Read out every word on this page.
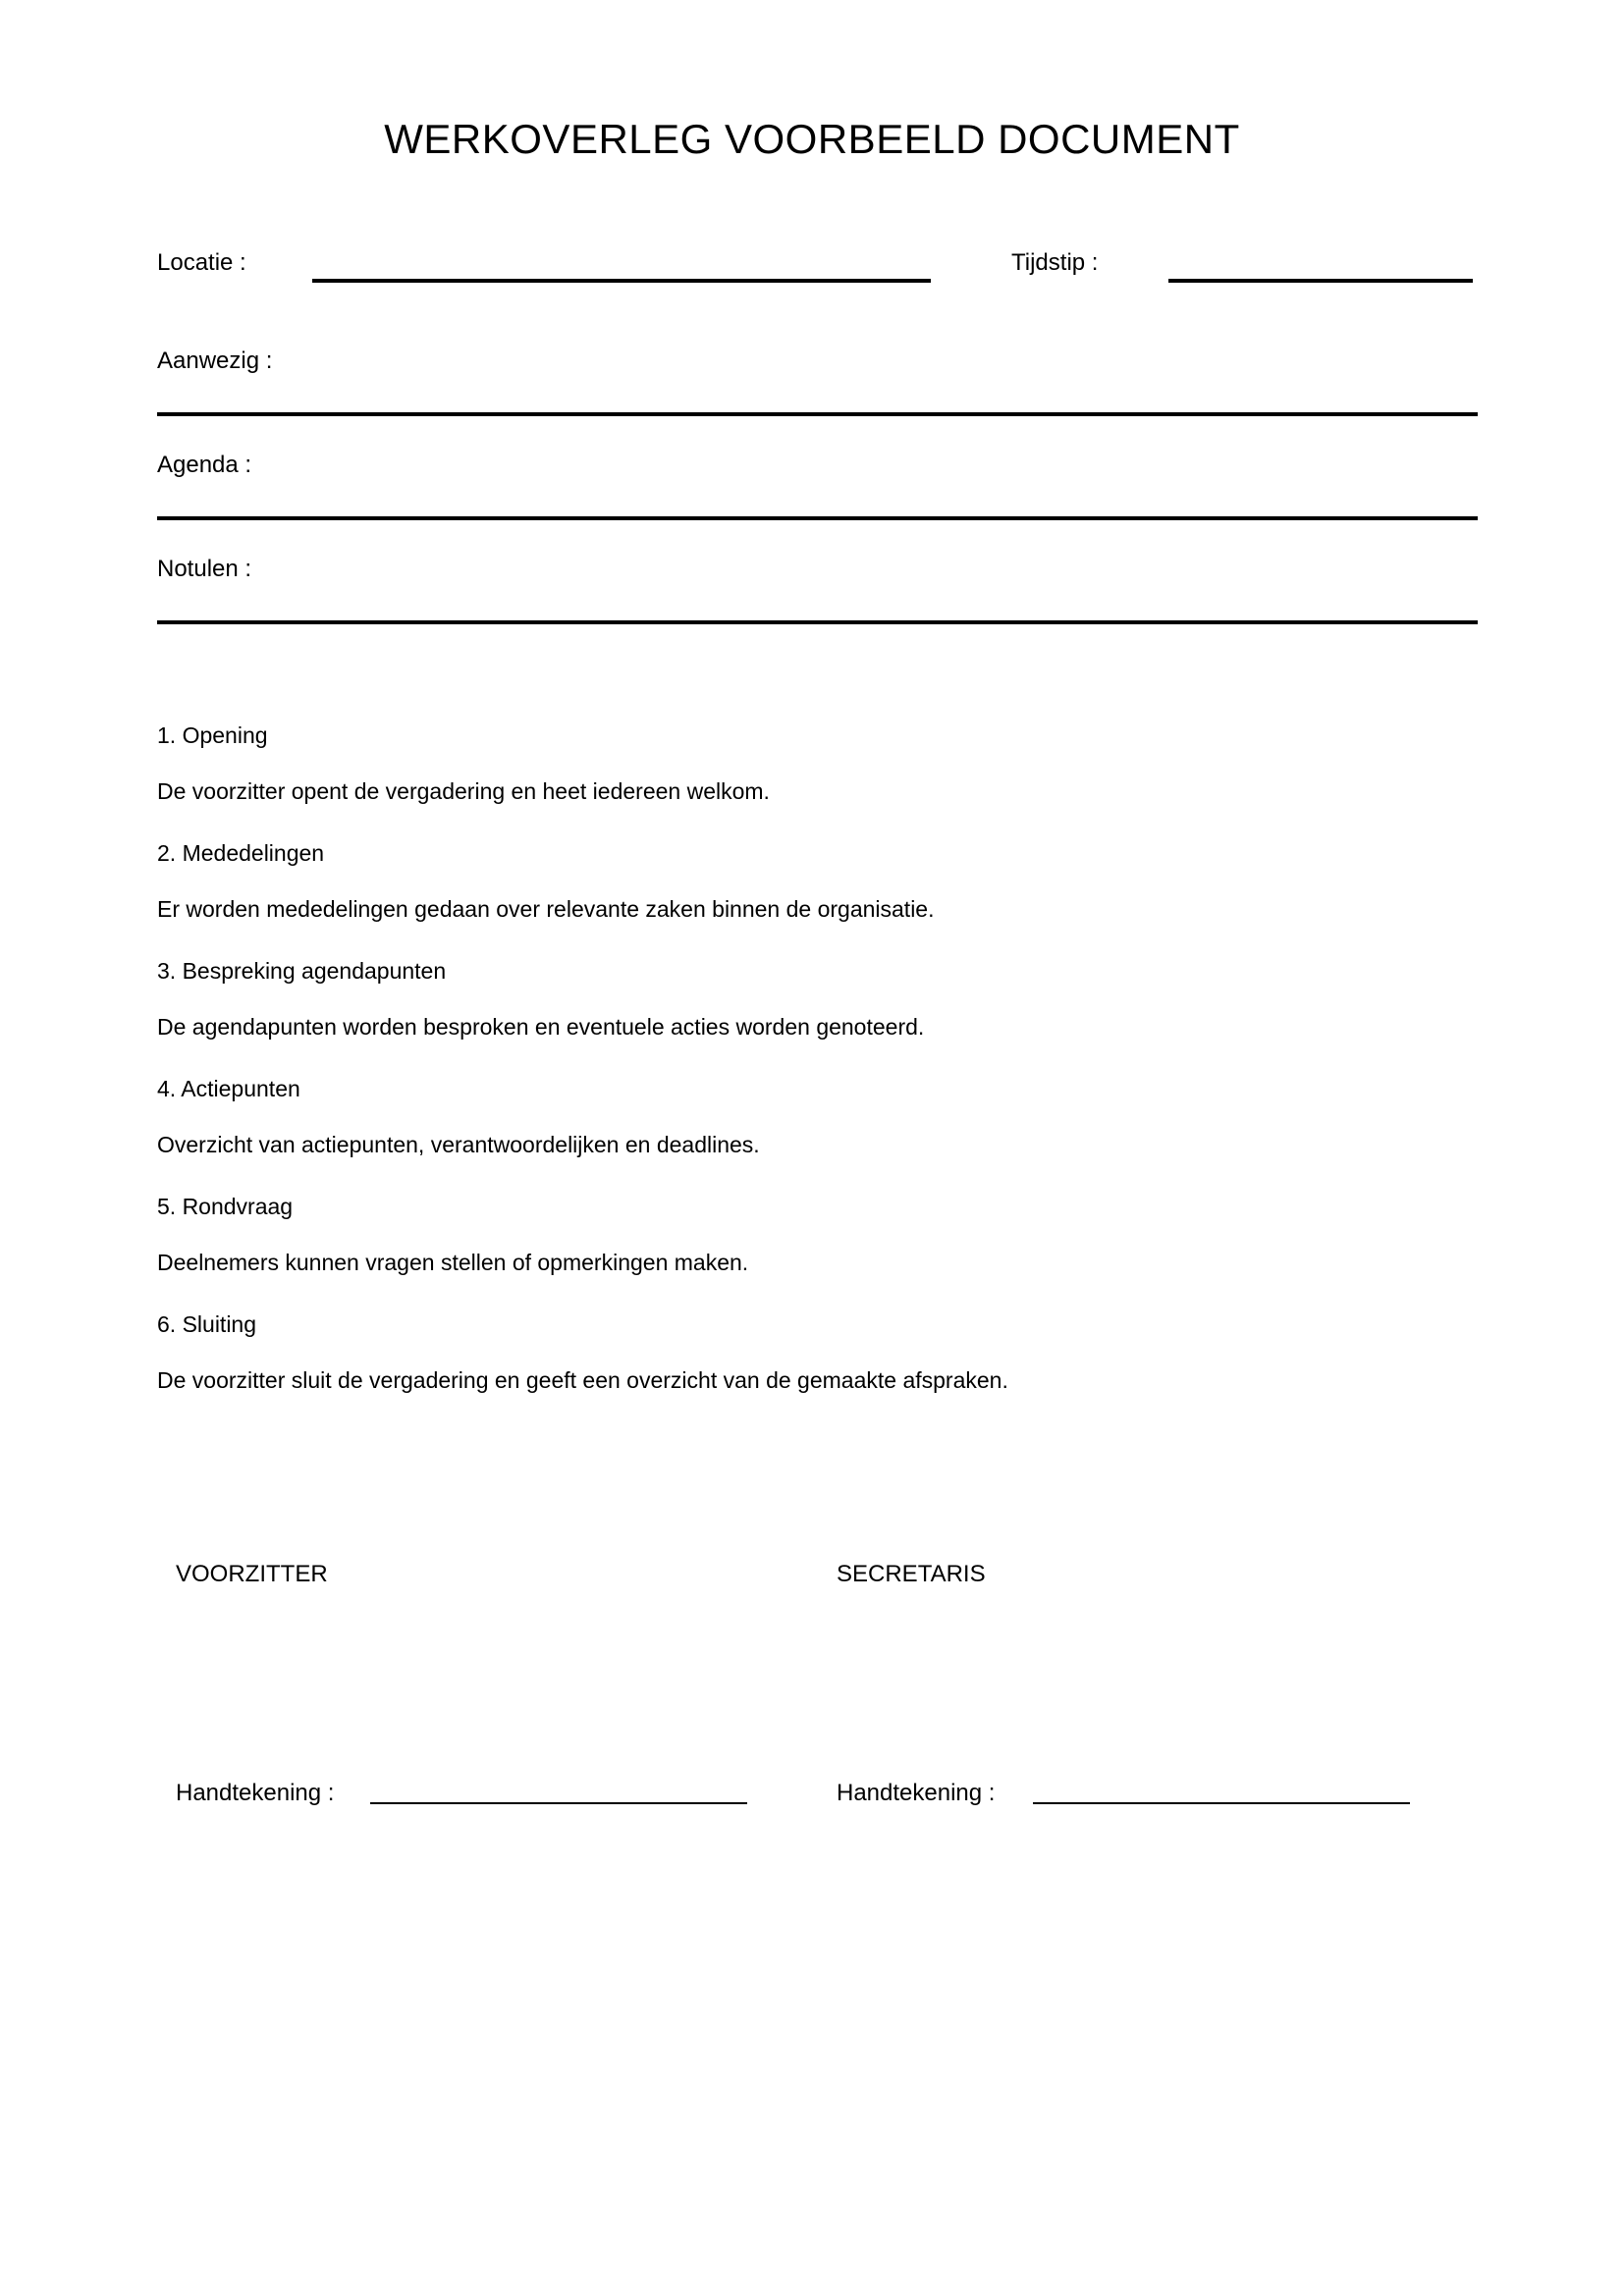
WERKOVERLEG VOORBEELD DOCUMENT
Locatie :	Tijdstip :
Aanwezig :
Agenda :
Notulen :
1. Opening
De voorzitter opent de vergadering en heet iedereen welkom.
2. Mededelingen
Er worden mededelingen gedaan over relevante zaken binnen de organisatie.
3. Bespreking agendapunten
De agendapunten worden besproken en eventuele acties worden genoteerd.
4. Actiepunten
Overzicht van actiepunten, verantwoordelijken en deadlines.
5. Rondvraag
Deelnemers kunnen vragen stellen of opmerkingen maken.
6. Sluiting
De voorzitter sluit de vergadering en geeft een overzicht van de gemaakte afspraken.
VOORZITTER	SECRETARIS
Handtekening :	Handtekening :
